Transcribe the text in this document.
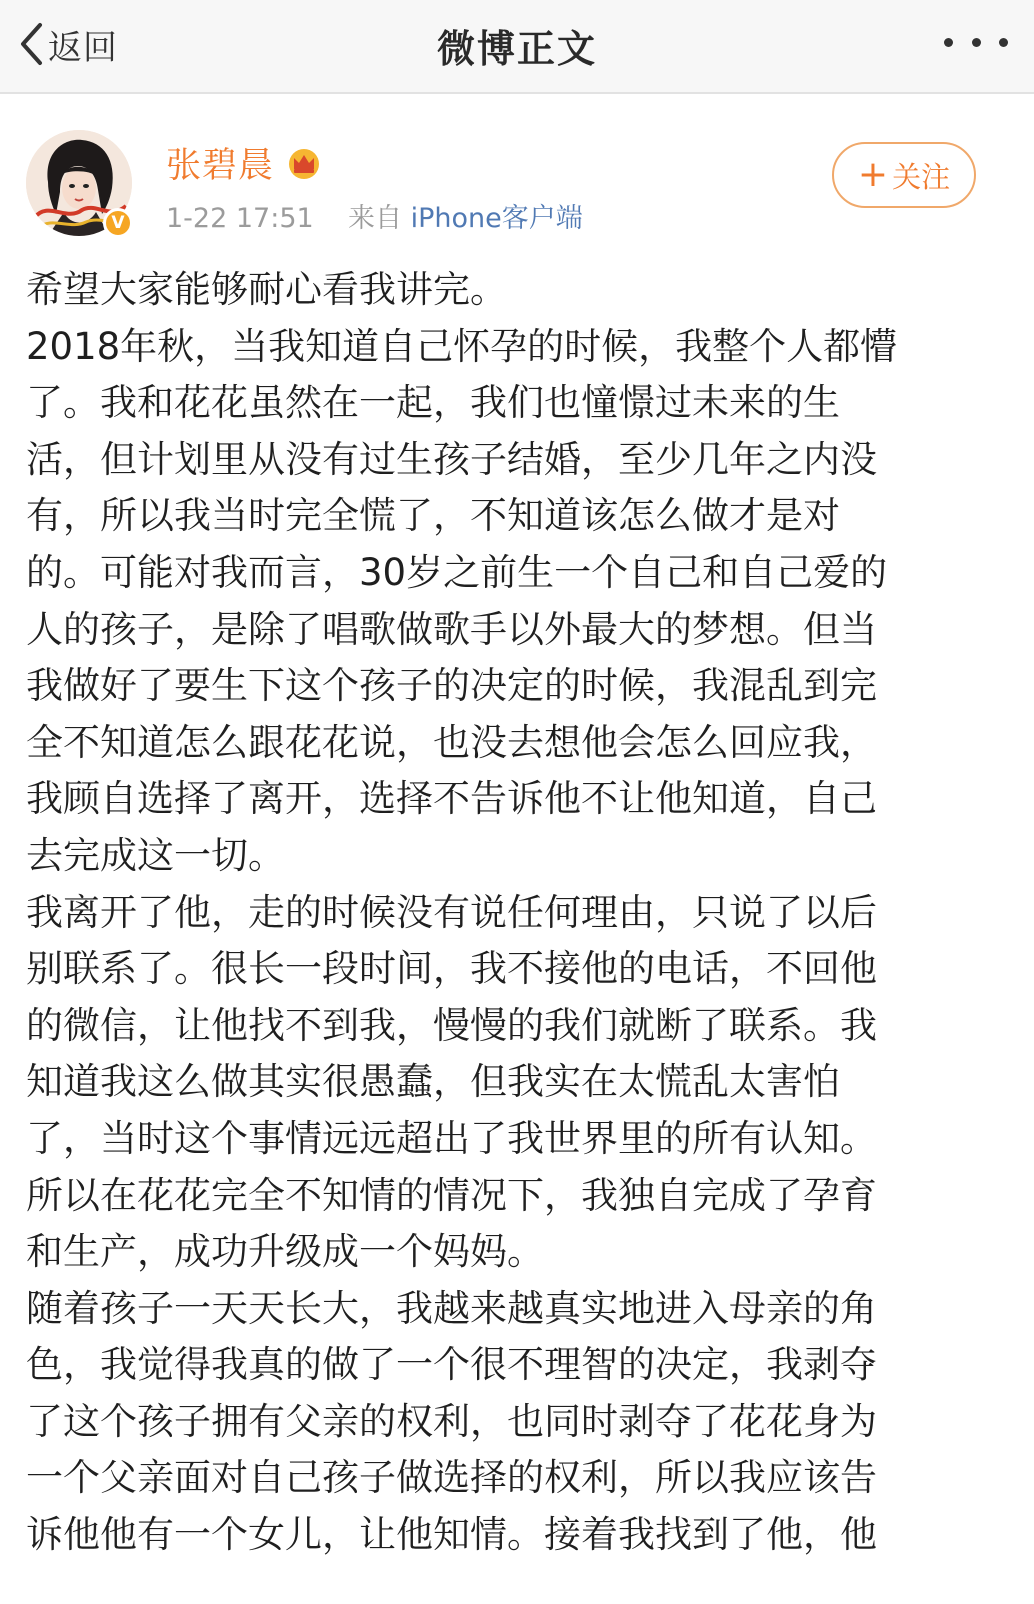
返回	微博正文
V
张碧晨
1-22 17:51 来自 iPhone客户端
+ 关注

希望大家能够耐心看我讲完。

2018年秋，当我知道自己怀孕的时候，我整个人都懵

了。我和花花虽然在一起，我们也憧憬过未来的生

活，但计划里从没有过生孩子结婚，至少几年之内没

有，所以我当时完全慌了，不知道该怎么做才是对

的。可能对我而言，30岁之前生一个自己和自己爱的

人的孩子，是除了唱歌做歌手以外最大的梦想。但当

我做好了要生下这个孩子的决定的时候，我混乱到完

全不知道怎么跟花花说，也没去想他会怎么回应我，

我顾自选择了离开，选择不告诉他不让他知道，自己

去完成这一切。

我离开了他，走的时候没有说任何理由，只说了以后

别联系了。很长一段时间，我不接他的电话，不回他

的微信，让他找不到我，慢慢的我们就断了联系。我

知道我这么做其实很愚蠢，但我实在太慌乱太害怕

了，当时这个事情远远超出了我世界里的所有认知。

所以在花花完全不知情的情况下，我独自完成了孕育

和生产，成功升级成一个妈妈。

随着孩子一天天长大，我越来越真实地进入母亲的角

色，我觉得我真的做了一个很不理智的决定，我剥夺

了这个孩子拥有父亲的权利，也同时剥夺了花花身为

一个父亲面对自己孩子做选择的权利，所以我应该告

诉他他有一个女儿，让他知情。接着我找到了他，他
